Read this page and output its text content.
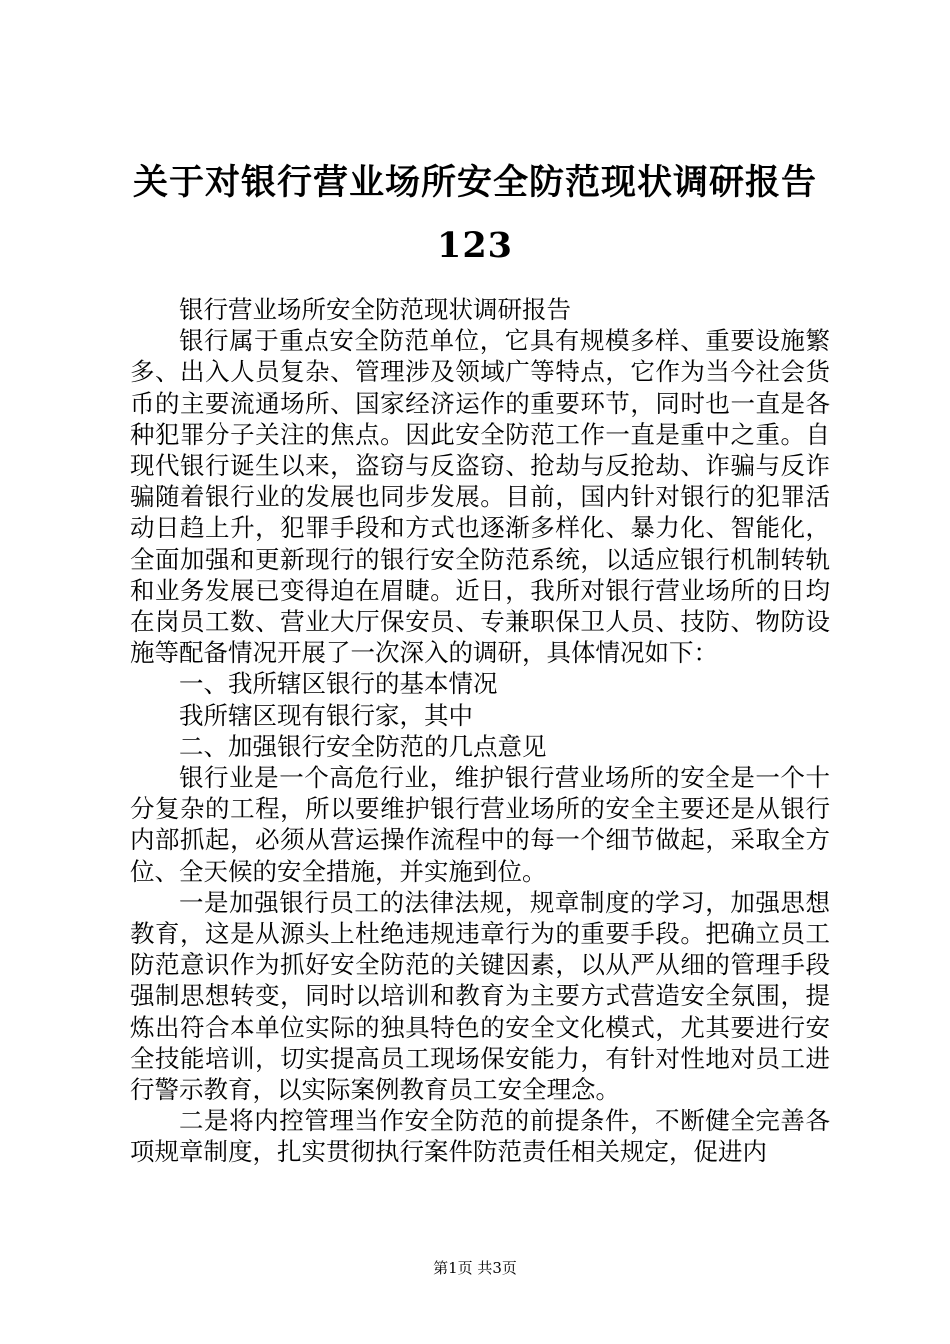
关于对银行营业场所安全防范现状调研报告
123

银行营业场所安全防范现状调研报告

银行属于重点安全防范单位，它具有规模多样、重要设施繁多、出入人员复杂、管理涉及领域广等特点，它作为当今社会货币的主要流通场所、国家经济运作的重要环节，同时也一直是各种犯罪分子关注的焦点。因此安全防范工作一直是重中之重。自现代银行诞生以来，盗窃与反盗窃、抢劫与反抢劫、诈骗与反诈骗随着银行业的发展也同步发展。目前，国内针对银行的犯罪活动日趋上升，犯罪手段和方式也逐渐多样化、暴力化、智能化，全面加强和更新现行的银行安全防范系统，以适应银行机制转轨和业务发展已变得迫在眉睫。近日，我所对银行营业场所的日均在岗员工数、营业大厅保安员、专兼职保卫人员、技防、物防设施等配备情况开展了一次深入的调研，具体情况如下：

一、我所辖区银行的基本情况

我所辖区现有银行家，其中

二、加强银行安全防范的几点意见

银行业是一个高危行业，维护银行营业场所的安全是一个十分复杂的工程，所以要维护银行营业场所的安全主要还是从银行内部抓起，必须从营运操作流程中的每一个细节做起，采取全方位、全天候的安全措施，并实施到位。

一是加强银行员工的法律法规，规章制度的学习，加强思想教育，这是从源头上杜绝违规违章行为的重要手段。把确立员工防范意识作为抓好安全防范的关键因素，以从严从细的管理手段强制思想转变，同时以培训和教育为主要方式营造安全氛围，提炼出符合本单位实际的独具特色的安全文化模式，尤其要进行安全技能培训，切实提高员工现场保安能力，有针对性地对员工进行警示教育，以实际案例教育员工安全理念。

二是将内控管理当作安全防范的前提条件，不断健全完善各项规章制度，扎实贯彻执行案件防范责任相关规定，促进内

第1页 共3页
